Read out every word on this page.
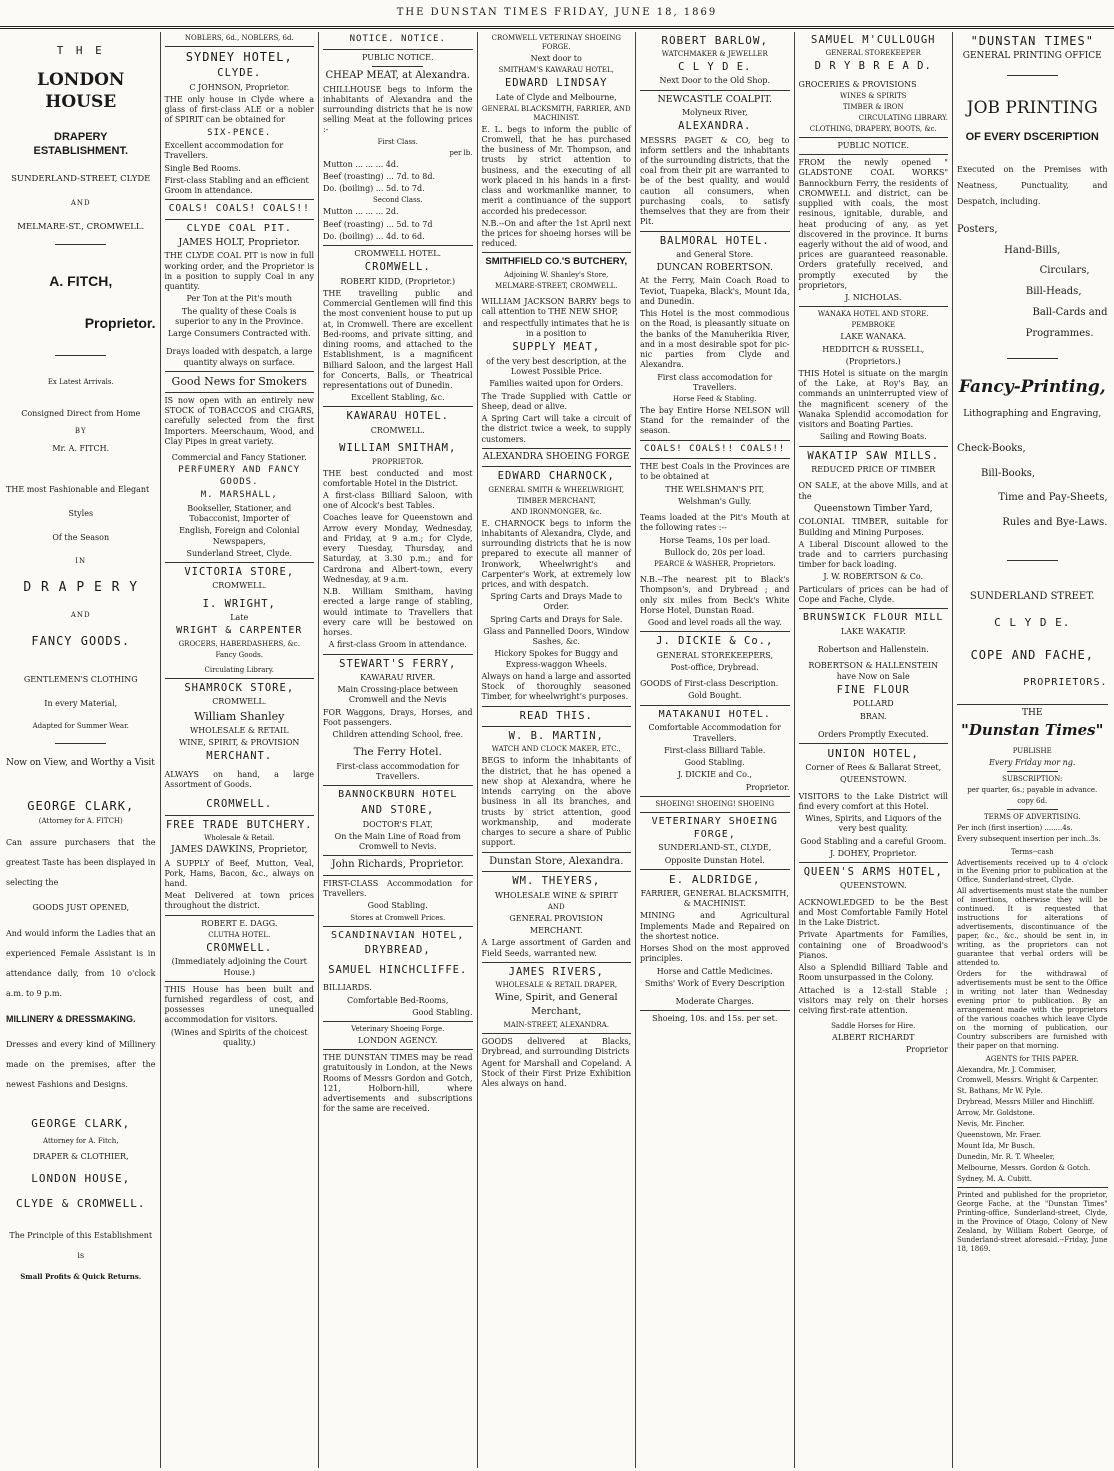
THE DUNSTAN TIMES FRIDAY, JUNE 18, 1869
T H E
LONDON HOUSE
DRAPERY ESTABLISHMENT.
SUNDERLAND-STREET, CLYDE
AND
MELMARE-ST., CROMWELL.
A. FITCH,
Proprietor.
Ex Latest Arrivals.
Consigned Direct from Home
BY
Mr. A. FITCH.
THE most Fashionable and Elegant
Styles
Of the Season
IN
D R A P E R Y
AND
FANCY GOODS.
GENTLEMEN'S CLOTHING
In every Material,
Adapted for Summer Wear.
Now on View, and Worthy a Visit
GEORGE CLARK,
(Attorney for A. FITCH)
Can assure purchasers that the greatest Taste has been displayed in selecting the
GOODS JUST OPENED,
And would inform the Ladies that an experienced Female Assistant is in attendance daily, from 10 o'clock a.m. to 9 p.m.
MILLINERY & DRESSMAKING.
Dresses and every kind of Millinery made on the premises, after the newest Fashions and Designs.
GEORGE CLARK,
Attorney for A. Fitch,
DRAPER & CLOTHIER,
LONDON HOUSE,
CLYDE & CROMWELL.
The Principle of this Establishment
is
Small Profits & Quick Returns.
NOBLERS, 6d., NOBLERS, 6d.
SYDNEY HOTEL,
CLYDE.
C JOHNSON, Proprietor.
THE only house in Clyde where a glass of first-class ALE or a nobler of SPIRIT can be obtained for
SIX-PENCE.
Excellent accommodation for Travellers.
Single Bed Rooms.
First-class Stabling and an efficient Groom in attendance.
COALS! COALS! COALS!!
CLYDE COAL PIT.
JAMES HOLT, Proprietor.
THE CLYDE COAL PIT is now in full working order, and the Proprietor is in a position to supply Coal in any quantity.
Per Ton at the Pit's mouth
The quality of these Coals is superior to any in the Province.
Large Consumers Contracted with.
Drays loaded with despatch, a large quantity always on surface.
Good News for Smokers
IS now open with an entirely new STOCK of TOBACCOS and CIGARS, carefully selected from the first Importers. Meerschaum, Wood, and Clay Pipes in great variety.
Commercial and Fancy Stationer.
PERFUMERY AND FANCY GOODS.
M. MARSHALL,
Bookseller, Stationer, and Tobacconist, Importer of
English, Foreign and Colonial Newspapers,
Sunderland Street, Clyde.
VICTORIA STORE,
CROMWELL.
I. WRIGHT,
Late
WRIGHT & CARPENTER
GROCERS, HABERDASHERS, &c.
Fancy Goods.
Circulating Library.
SHAMROCK STORE,
CROMWELL.
William Shanley
WHOLESALE & RETAIL
WINE, SPIRIT, & PROVISION
MERCHANT.
ALWAYS on hand, a large Assortment of Goods.
CROMWELL.
FREE TRADE BUTCHERY.
Wholesale & Retail.
JAMES DAWKINS, Proprietor,
A SUPPLY of Beef, Mutton, Veal, Pork, Hams, Bacon, &c., always on hand.
Meat Delivered at town prices throughout the district.
ROBERT E. DAGG.
CLUTHA HOTEL.
CROMWELL.
(Immediately adjoining the Court House.)
THIS House has been built and furnished regardless of cost, and possesses unequalled accommodation for visitors.
(Wines and Spirits of the choicest quality.)
NOTICE. NOTICE.
PUBLIC NOTICE.
CHEAP MEAT, at Alexandra.
CHILLHOUSE begs to inform the inhabitants of Alexandra and the surrounding districts that he is now selling Meat at the following prices :-
First Class.
per lb.
Mutton ... ... ... 4d.
Beef (roasting) ... 7d. to 8d.
Do. (boiling) ... 5d. to 7d.
Second Class.
Mutton ... ... ... 2d.
Beef (roasting) ... 5d. to 7d
Do. (boiling) ... 4d. to 6d.
CROMWELL HOTEL.
CROMWELL.
ROBERT KIDD, (Proprietor.)
THE travelling public and Commercial Gentlemen will find this the most convenient house to put up at, in Cromwell. There are excellent Bed-rooms, and private sitting, and dining rooms, and attached to the Establishment, is a magnificent Billiard Saloon, and the largest Hall for Concerts, Balls, or Theatrical representations out of Dunedin.
Excellent Stabling, &c.
KAWARAU HOTEL.
CROMWELL.
WILLIAM SMITHAM,
PROPRIETOR.
THE best conducted and most comfortable Hotel in the District.
A first-class Billiard Saloon, with one of Alcock's best Tables.
Coaches leave for Queenstown and Arrow every Monday, Wednesday, and Friday, at 9 a.m.; for Clyde, every Tuesday, Thursday, and Saturday, at 3.30 p.m.; and for Cardrona and Albert-town, every Wednesday, at 9 a.m.
N.B. William Smitham, having erected a large range of stabling, would intimate to Travellers that every care will be bestowed on horses.
A first-class Groom in attendance.
STEWART'S FERRY,
KAWARAU RIVER.
Main Crossing-place between Cromwell and the Nevis
FOR Waggons, Drays, Horses, and Foot passengers.
Children attending School, free.
The Ferry Hotel.
First-class accommodation for Travellers.
BANNOCKBURN HOTEL
AND STORE,
DOCTOR'S FLAT,
On the Main Line of Road from Cromwell to Nevis.
John Richards, Proprietor.
FIRST-CLASS Accommodation for Travellers.
Good Stabling.
Stores at Cromwell Prices.
SCANDINAVIAN HOTEL,
DRYBREAD,
SAMUEL HINCHCLIFFE.
BILLIARDS.
Comfortable Bed-Rooms,
Good Stabling.
Veterinary Shoeing Forge.
LONDON AGENCY.
THE DUNSTAN TIMES may be read gratuitously in London, at the News Rooms of Messrs Gordon and Gotch, 121, Holborn-hill, where advertisements and subscriptions for the same are received.
CROMWELL VETERINAY SHOEING FORGE.
Next door to
SMITHAM'S KAWARAU HOTEL,
EDWARD LINDSAY
Late of Clyde and Melbourne,
GENERAL BLACKSMITH, FARRIER, AND MACHINIST.
E. L. begs to inform the public of Cromwell, that he has purchased the business of Mr. Thompson, and trusts by strict attention to business, and the executing of all work placed in his hands in a first-class and workmanlike manner, to merit a continuance of the support accorded his predecessor.
N.B.--On and after the 1st April next the prices for shoeing horses will be reduced.
SMITHFIELD CO.'S BUTCHERY,
Adjoining W. Shanley's Store,
MELMARE-STREET, CROMWELL.
WILLIAM JACKSON BARRY begs to call attention to THE NEW SHOP,
and respectfully intimates that he is in a position to
SUPPLY MEAT,
of the very best description, at the Lowest Possible Price.
Families waited upon for Orders.
The Trade Supplied with Cattle or Sheep, dead or alive.
A Spring Cart will take a circuit of the district twice a week, to supply customers.
ALEXANDRA SHOEING FORGE
EDWARD CHARNOCK,
GENERAL SMITH & WHEELWRIGHT,
TIMBER MERCHANT,
AND IRONMONGER, &c.
E. CHARNOCK begs to inform the inhabitants of Alexandra, Clyde, and surrounding districts that he is now prepared to execute all manner of Ironwork, Wheelwright's and Carpenter's Work, at extremely low prices, and with despatch.
Spring Carts and Drays Made to Order.
Spring Carts and Drays for Sale.
Glass and Pannelled Doors, Window Sashes, &c.
Hickory Spokes for Buggy and Express-waggon Wheels.
Always on hand a large and assorted Stock of thoroughly seasoned Timber, for wheelwright's purposes.
READ THIS.
W. B. MARTIN,
WATCH AND CLOCK MAKER, ETC.,
BEGS to inform the inhabitants of the district, that he has opened a new shop at Alexandra, where he intends carrying on the above business in all its branches, and trusts by strict attention, good workmanship, and moderate charges to secure a share of Public support.
Dunstan Store, Alexandra.
WM. THEYERS,
WHOLESALE WINE & SPIRIT
AND
GENERAL PROVISION
MERCHANT.
A Large assortment of Garden and Field Seeds, warranted new.
JAMES RIVERS,
WHOLESALE & RETAIL DRAPER,
Wine, Spirit, and General
Merchant,
MAIN-STREET, ALEXANDRA.
GOODS delivered at Blacks, Drybread, and surrounding Districts
Agent for Marshall and Copeland. A Stock of their First Prize Exhibition Ales always on hand.
ROBERT BARLOW,
WATCHMAKER & JEWELLER
C L Y D E.
Next Door to the Old Shop.
NEWCASTLE COALPIT.
Molyneux River,
ALEXANDRA.
MESSRS PAGET & CO, beg to inform settlers and the inhabitants of the surrounding districts, that the coal from their pit are warranted to be of the best quality, and would caution all consumers, when purchasing coals, to satisfy themselves that they are from their Pit.
BALMORAL HOTEL.
and General Store.
DUNCAN ROBERTSON.
At the Ferry, Main Coach Road to Teviot, Tuapeka, Black's, Mount Ida, and Dunedin.
This Hotel is the most commodious on the Road, is pleasantly situate on the banks of the Manuherikia River, and in a most desirable spot for pic-nic parties from Clyde and Alexandra.
First class accomodation for Travellers.
Horse Feed & Stabling.
The bay Entire Horse NELSON will Stand for the remainder of the season.
COALS! COALS!! COALS!!
THE best Coals in the Provinces are to be obtained at
THE WELSHMAN'S PIT,
Welshman's Gully.
Teams loaded at the Pit's Mouth at the following rates :--
Horse Teams, 10s per load.
Bullock do, 20s per load.
PEARCE & WASHER, Proprietors.
N.B.--The nearest pit to Black's Thompson's, and Drybread ; and only six miles from Beck's White Horse Hotel, Dunstan Road.
Good and level roads all the way.
J. DICKIE & Co.,
GENERAL STOREKEEPERS,
Post-office, Drybread.
GOODS of First-class Description.
Gold Bought.
MATAKANUI HOTEL.
Comfortable Accommodation for Travellers.
First-class Billiard Table.
Good Stabling.
J. DICKIE and Co.,
Proprietor.
SHOEING! SHOEING! SHOEING
VETERINARY SHOEING FORGE,
SUNDERLAND-ST., CLYDE,
Opposite Dunstan Hotel.
E. ALDRIDGE,
FARRIER, GENERAL BLACKSMITH, & MACHINIST.
MINING and Agricultural Implements Made and Repaired on the shortest notice.
Horses Shod on the most approved principles.
Horse and Cattle Medicines.
Smiths' Work of Every Description
Moderate Charges.
Shoeing, 10s. and 15s. per set.
SAMUEL M'CULLOUGH
GENERAL STOREKEEPER
D R Y B R E A D.
GROCERIES & PROVISIONS
WINES & SPIRITS
TIMBER & IRON
CIRCULATING LIBRARY.
CLOTHING, DRAPERY, BOOTS, &c.
PUBLIC NOTICE.
FROM the newly opened " GLADSTONE COAL WORKS" Bannockburn Ferry, the residents of CROMWELL and district, can be supplied with coals, the most resinous, ignitable, durable, and heat producing of any, as yet discovered in the province. It burns eagerly without the aid of wood, and prices are guaranteed reasonable. Orders gratefully received, and promptly executed by the proprietors,
J. NICHOLAS.
WANAKA HOTEL AND STORE.
PEMBROKE
LAKE WANAKA.
HEDDITCH & RUSSELL,
(Proprietors.)
THIS Hotel is situate on the margin of the Lake, at Roy's Bay, an commands an uninterrupted view of the magnificent scenery of the Wanaka Splendid accomodation for visitors and Boating Parties.
Sailing and Rowing Boats.
WAKATIP SAW MILLS.
REDUCED PRICE OF TIMBER
ON SALE, at the above Mills, and at the
Queenstown Timber Yard,
COLONIAL TIMBER, suitable for Building and Mining Purposes.
A Liberal Discount allowed to the trade and to carriers purchasing timber for back loading.
J. W. ROBERTSON & Co.
Particulars of prices can be had of Cope and Fache, Clyde.
BRUNSWICK FLOUR MILL
LAKE WAKATIP.
Robertson and Hallenstein.
ROBERTSON & HALLENSTEIN have Now on Sale
FINE FLOUR
POLLARD
BRAN.
Orders Promptly Executed.
UNION HOTEL,
Corner of Rees & Ballarat Street,
QUEENSTOWN.
VISITORS to the Lake District will find every comfort at this Hotel.
Wines, Spirits, and Liquors of the very best quality.
Good Stabling and a careful Groom.
J. DOHEY, Proprietor.
QUEEN'S ARMS HOTEL,
QUEENSTOWN.
ACKNOWLEDGED to be the Best and Most Comfortable Family Hotel in the Lake District.
Private Apartments for Families, containing one of Broadwood's Pianos.
Also a Splendid Billiard Table and Room unsurpassed in the Colony.
Attached is a 12-stall Stable ; visitors may rely on their horses ceiving first-rate attention.
Saddle Horses for Hire.
ALBERT RICHARDT
Proprietor
"DUNSTAN TIMES"
GENERAL PRINTING OFFICE
JOB PRINTING
OF EVERY DSCERIPTION
Executed on the Premises with Neatness, Punctuality, and Despatch, including.
Posters,
Hand-Bills,
Circulars,
Bill-Heads,
Ball-Cards and
Programmes.
Fancy-Printing,
Lithographing and Engraving,
Check-Books,
Bill-Books,
Time and Pay-Sheets,
Rules and Bye-Laws.
SUNDERLAND STREET.
C L Y D E.
COPE AND FACHE,
PROPRIETORS.
THE
"Dunstan Times"
PUBLISHE
Every Friday mor ng.
SUBSCRIPTION:
per quarter, 6s.; payable in advance.
copy 6d.
TERMS OF ADVERTISING.
Per inch (first insertion) ........4s.
Every subsequent insertion per inch..3s.
Terms--cash
Advertisements received up to 4 o'clock in the Evening prior to publication at the Office, Sunderland-street, Clyde.
All advertisements must state the number of insertions, otherwise they will be continued. It is requested that instructions for alterations of advertisements, discontinuance of the paper, &c., &c., should be sent in, in writing, as the proprietors can not guarantee that verbal orders will be attended to.
Orders for the withdrawal of advertisements must be sent to the Office in writing not later than Wednesday evening prior to publication. By an arrangement made with the proprietors of the various coaches which leave Clyde on the morning of publication, our Country subscribers are furnished with their paper on that morning.
AGENTS for THIS PAPER.
Alexandra, Mr. J. Commiser,
Cromwell, Messrs. Wright & Carpenter.
St. Bathans, Mr W. Pyle.
Drybread, Messrs Miller and Hinchliff.
Arrow, Mr. Goldstone.
Nevis, Mr. Fincher.
Queenstown, Mr. Fraer.
Mount Ida, Mr Busch.
Dunedin, Mr. R. T. Wheeler,
Melbourne, Messrs. Gordon & Gotch.
Sydney, M. A. Cubitt.
Printed and published for the proprietor, George Fache, at the "Dunstan Times" Printing-office, Sunderland-street, Clyde, in the Province of Otago, Colony of New Zealand, by William Robert George, of Sunderland-street aforesaid.--Friday, June 18, 1869.
